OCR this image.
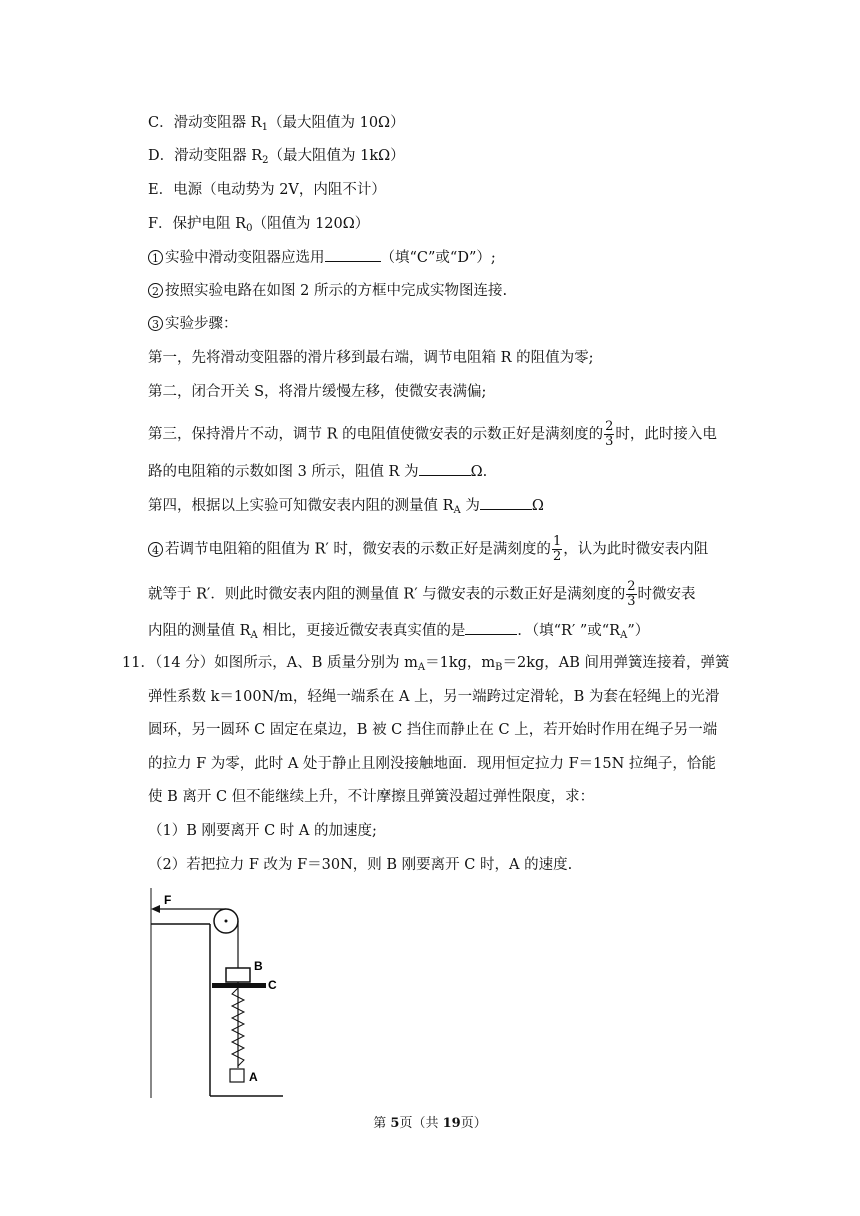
C．滑动变阻器 $R_1$（最大阻值为 10Ω）
D．滑动变阻器 $R_2$（最大阻值为 1kΩ）
E．电源（电动势为 2V，内阻不计）
F．保护电阻 $R_0$（阻值为 120Ω）
1 实验中滑动变阻器应选用	（填“C”或“D”）;
2 按照实验电路在如图 2 所示的方框中完成实物图连接.
3 实验步骤：
第一，先将滑动变阻器的滑片移到最右端，调节电阻箱 R 的阻值为零;
第二，闭合开关 S，将滑片缓慢左移，使微安表满偏;
第三，保持滑片不动，调节 R 的电阻值使微安表的示数正好是满刻度的 $\frac{2}{3}$ 时，此时接入电
路的电阻箱的示数如图 3 所示，阻值 R 为	Ω.
第四，根据以上实验可知微安表内阻的测量值 $R_A$ 为	Ω
4 若调节电阻箱的阻值为 R′ 时，微安表的示数正好是满刻度的 $\frac{1}{2}$ ，认为此时微安表内阻
就等于 R′．则此时微安表内阻的测量值 R′ 与微安表的示数正好是满刻度的 $\frac{2}{3}$ 时微安表
内阻的测量值 $R_A$ 相比，更接近微安表真实值的是	．（填“R′ ”或“$R_A$”）
11．（14 分）如图所示，A、B 质量分别为 $m_A=1kg$，$m_B=2kg$，AB 间用弹簧连接着，弹簧
弹性系数 k＝100N/m，轻绳一端系在 A 上，另一端跨过定滑轮，B 为套在轻绳上的光滑
圆环，另一圆环 C 固定在桌边，B 被 C 挡住而静止在 C 上，若开始时作用在绳子另一端
的拉力 F 为零，此时 A 处于静止且刚没接触地面．现用恒定拉力 F＝15N 拉绳子，恰能
使 B 离开 C 但不能继续上升，不计摩擦且弹簧没超过弹性限度，求：
（1）B 刚要离开 C 时 A 的加速度;
（2）若把拉力 F 改为 F＝30N，则 B 刚要离开 C 时，A 的速度.
F
B
C
A
第 5页（共 19页）
